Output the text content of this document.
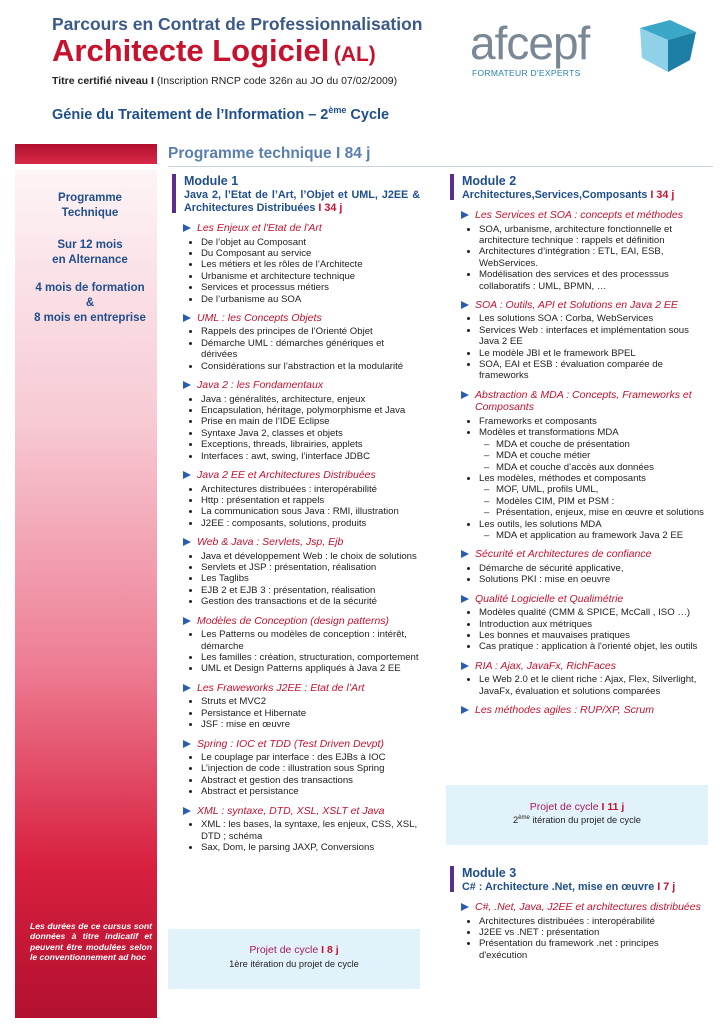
Parcours en Contrat de Professionnalisation
Architecte Logiciel (AL)
Titre certifié niveau I (Inscription RNCP code 326n au JO du 07/02/2009)
Génie du Traitement de l’Information – 2ème Cycle
afcepf
FORMATEUR D'EXPERTS
Programme
Technique
Sur 12 mois
en Alternance
4 mois de formation
&
8 mois en entreprise
Les durées de ce cursus sont données à titre indicatif et peuvent être modulées selon le conventionnement ad hoc
Programme technique I 84 j
Module 1
Java 2, l’Etat de l’Art, l’Objet et UML, J2EE & Architectures Distribuées I 34 j
Les Enjeux et l'Etat de l'Art
• De l’objet au Composant
• Du Composant au service
• Les métiers et les rôles de l’Architecte
• Urbanisme et architecture technique
• Services et processus métiers
• De l’urbanisme au SOA
UML : les Concepts Objets
• Rappels des principes de l’Orienté Objet
• Démarche UML : démarches génériques et dérivées
• Considérations sur l’abstraction et la modularité
Java 2 : les Fondamentaux
• Java : généralités, architecture, enjeux
• Encapsulation, héritage, polymorphisme et Java
• Prise en main de l’IDE Eclipse
• Syntaxe Java 2, classes et objets
• Exceptions, threads, librairies, applets
• Interfaces : awt, swing, l’interface JDBC
Java 2 EE et Architectures Distribuées
• Architectures distribuées : interopérabilité
• Http : présentation et rappels
• La communication sous Java : RMI, illustration
• J2EE : composants, solutions, produits
Web & Java : Servlets, Jsp, Ejb
• Java et développement Web : le choix de solutions
• Servlets et JSP : présentation, réalisation
• Les Taglibs
• EJB 2 et EJB 3 : présentation, réalisation
• Gestion des transactions et de la sécurité
Modèles de Conception (design patterns)
• Les Patterns ou modèles de conception : intérêt, démarche
• Les familles : création, structuration, comportement
• UML et Design Patterns appliqués à Java 2 EE
Les Fraweworks J2EE : Etat de l’Art
• Struts et MVC2
• Persistance et Hibernate
• JSF : mise en œuvre
Spring : IOC et TDD (Test Driven Devpt)
• Le couplage par interface : des EJBs à IOC
• L’injection de code : illustration sous Spring
• Abstract et gestion des transactions
• Abstract et persistance
XML : syntaxe, DTD, XSL, XSLT et Java
• XML : les bases, la syntaxe, les enjeux, CSS, XSL, DTD ; schéma
• Sax, Dom, le parsing JAXP, Conversions
Projet de cycle I 8 j
1ère itération du projet de cycle
Module 2
Architectures,Services,Composants I 34 j
Les Services et SOA : concepts et méthodes
• SOA, urbanisme, architecture fonctionnelle et architecture technique : rappels et définition
• Architectures d’intégration : ETL, EAI, ESB, WebServices.
• Modélisation des services et des processsus collaboratifs : UML, BPMN, …
SOA : Outils, API et Solutions en Java 2 EE
• Les solutions SOA : Corba, WebServices
• Services Web : interfaces et implémentation sous Java 2 EE
• Le modèle JBI et le framework BPEL
• SOA, EAI et ESB : évaluation comparée de frameworks
Abstraction & MDA : Concepts, Frameworks et Composants
• Frameworks et composants
• Modèles et transformations MDA
– MDA et couche de présentation
– MDA et couche métier
– MDA et couche d’accès aux données
• Les modèles, méthodes et composants
– MOF, UML, profils UML,
– Modèles CIM, PIM et PSM :
– Présentation, enjeux, mise en œuvre et solutions
• Les outils, les solutions MDA
– MDA et application au framework Java 2 EE
Sécurité et Architectures de confiance
• Démarche de sécurité applicative,
• Solutions PKI : mise en oeuvre
Qualité Logicielle et Qualimétrie
• Modèles qualité (CMM & SPICE, McCall , ISO …)
• Introduction aux métriques
• Les bonnes et mauvaises pratiques
• Cas pratique : application à l'orienté objet, les outils
RIA : Ajax, JavaFx, RichFaces
• Le Web 2.0 et le client riche : Ajax, Flex, Silverlight, JavaFx, évaluation et solutions comparées
Les méthodes agiles : RUP/XP, Scrum
Projet de cycle I 11 j
2ème itération du projet de cycle
Module 3
C# : Architecture .Net, mise en œuvre I 7 j
C#, .Net, Java, J2EE et architectures distribuées
• Architectures distribuées : interopérabilité
• J2EE vs .NET : présentation
• Présentation du framework .net : principes d'exécution
